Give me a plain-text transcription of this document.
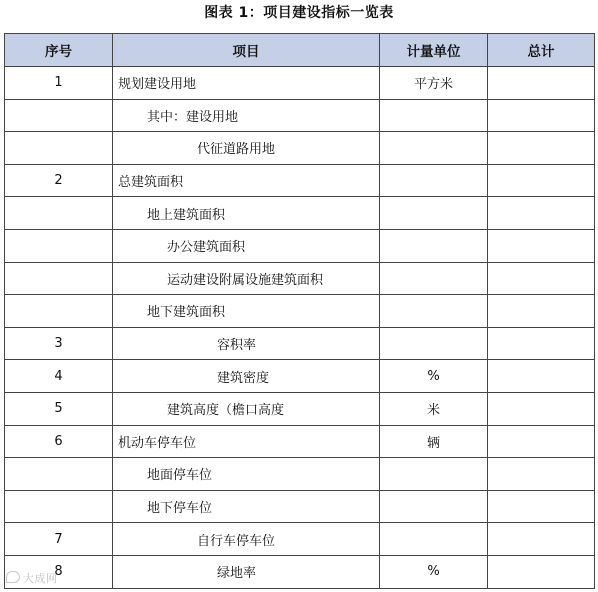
图表 1：项目建设指标一览表
序号	项目	计量单位	总计
1	规划建设用地	平方米	
	其中：建设用地		
	代征道路用地		
2	总建筑面积		
	地上建筑面积		
	办公建筑面积		
	运动建设附属设施建筑面积		
	地下建筑面积		
3	容积率		
4	建筑密度	%	
5	建筑高度（檐口高度	米	
6	机动车停车位	辆	
	地面停车位		
	地下停车位		
7	自行车停车位		
8	绿地率	%	
大成网
